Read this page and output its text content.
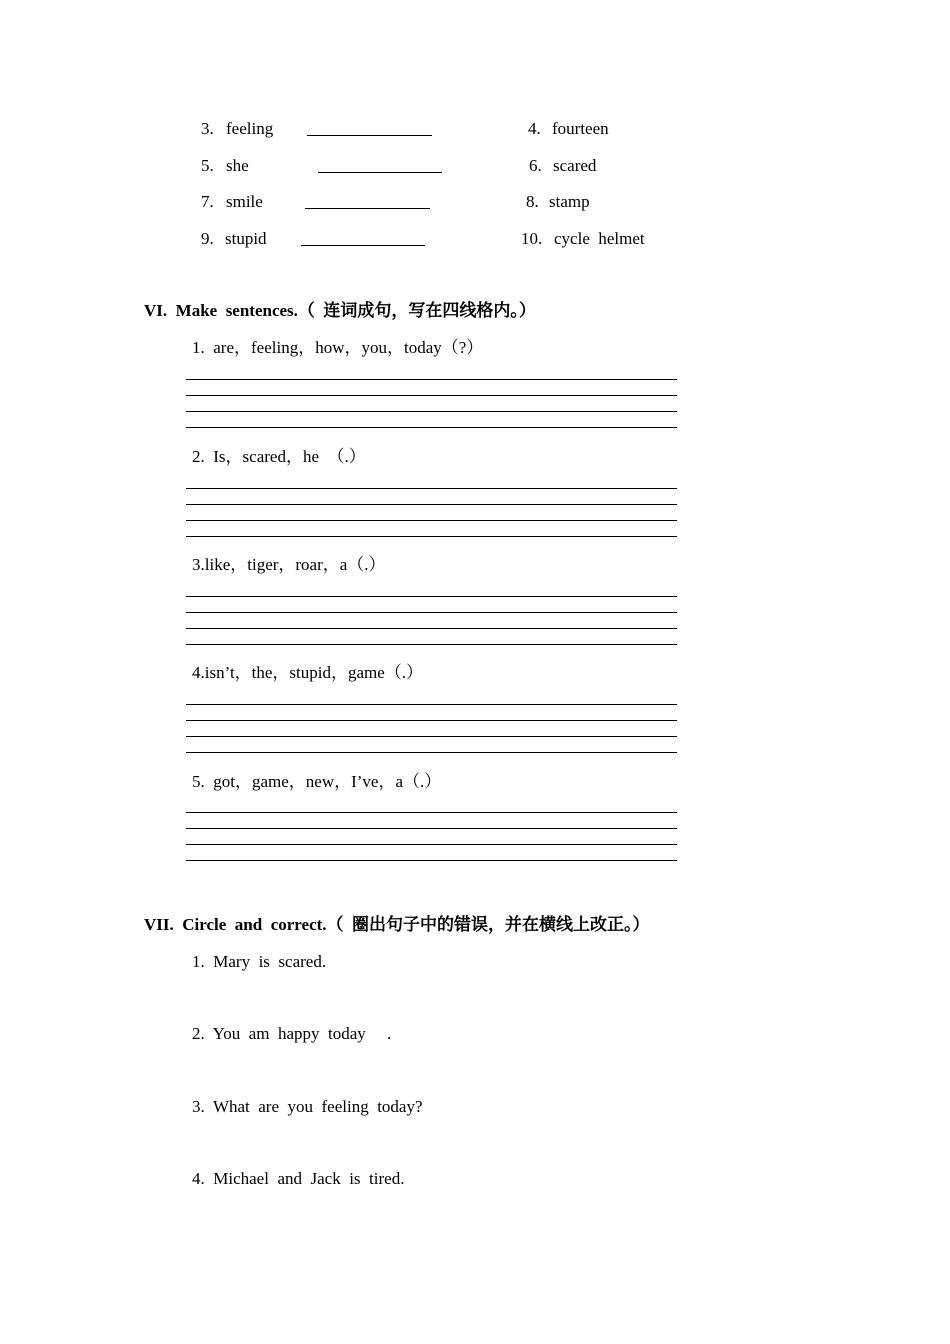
3. feeling	4. fourteen
5. she	6. scared
7. smile	8. stamp
9. stupid	10. cycle  helmet
VI.  Make  sentences.（  连词成句，写在四线格内。）
1.  are，feeling，how，you，today（?）
2.  Is，scared，he  （.）
3.like，tiger，roar，a（.）
4.isn’t，the，stupid，game（.）
5.  got，game，new，I’ve，a（.）
VII.  Circle  and  correct.（  圈出句子中的错误，并在横线上改正。）
1.  Mary  is  scared.
2.  You  am  happy  today     .
3.  What  are  you  feeling  today?
4.  Michael  and  Jack  is  tired.
